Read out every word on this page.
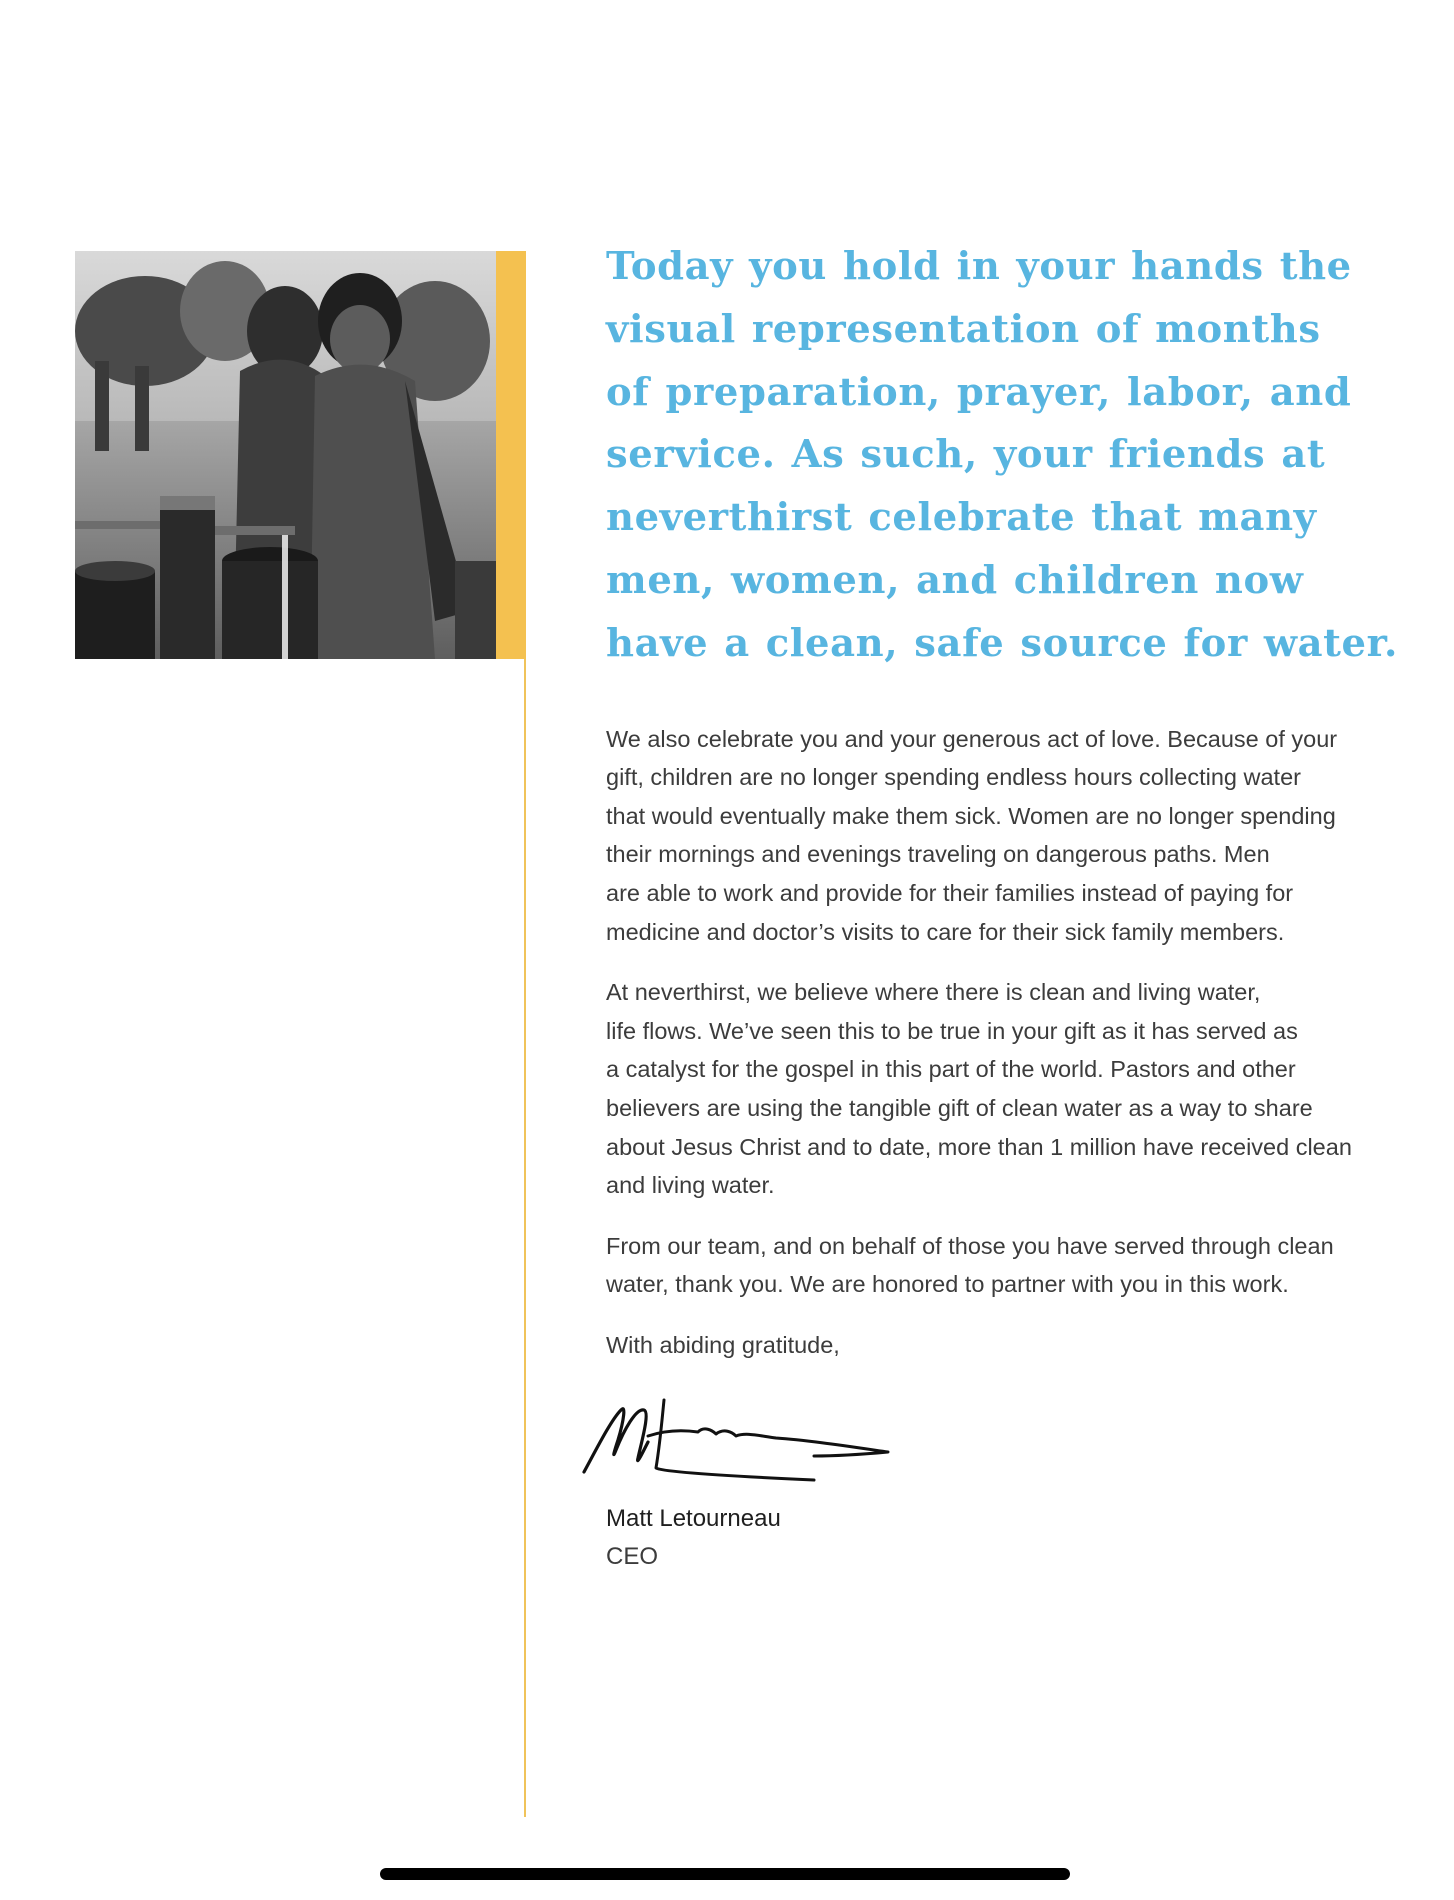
Today you hold in your hands the
visual representation of months
of preparation, prayer, labor, and
service. As such, your friends at
neverthirst celebrate that many
men, women, and children now
have a clean, safe source for water.

We also celebrate you and your generous act of love. Because of your
gift, children are no longer spending endless hours collecting water
that would eventually make them sick. Women are no longer spending
their mornings and evenings traveling on dangerous paths. Men
are able to work and provide for their families instead of paying for
medicine and doctor’s visits to care for their sick family members.

At neverthirst, we believe where there is clean and living water,
life flows. We’ve seen this to be true in your gift as it has served as
a catalyst for the gospel in this part of the world. Pastors and other
believers are using the tangible gift of clean water as a way to share
about Jesus Christ and to date, more than 1 million have received clean
and living water.

From our team, and on behalf of those you have served through clean
water, thank you. We are honored to partner with you in this work.

With abiding gratitude,

Matt Letourneau
CEO
